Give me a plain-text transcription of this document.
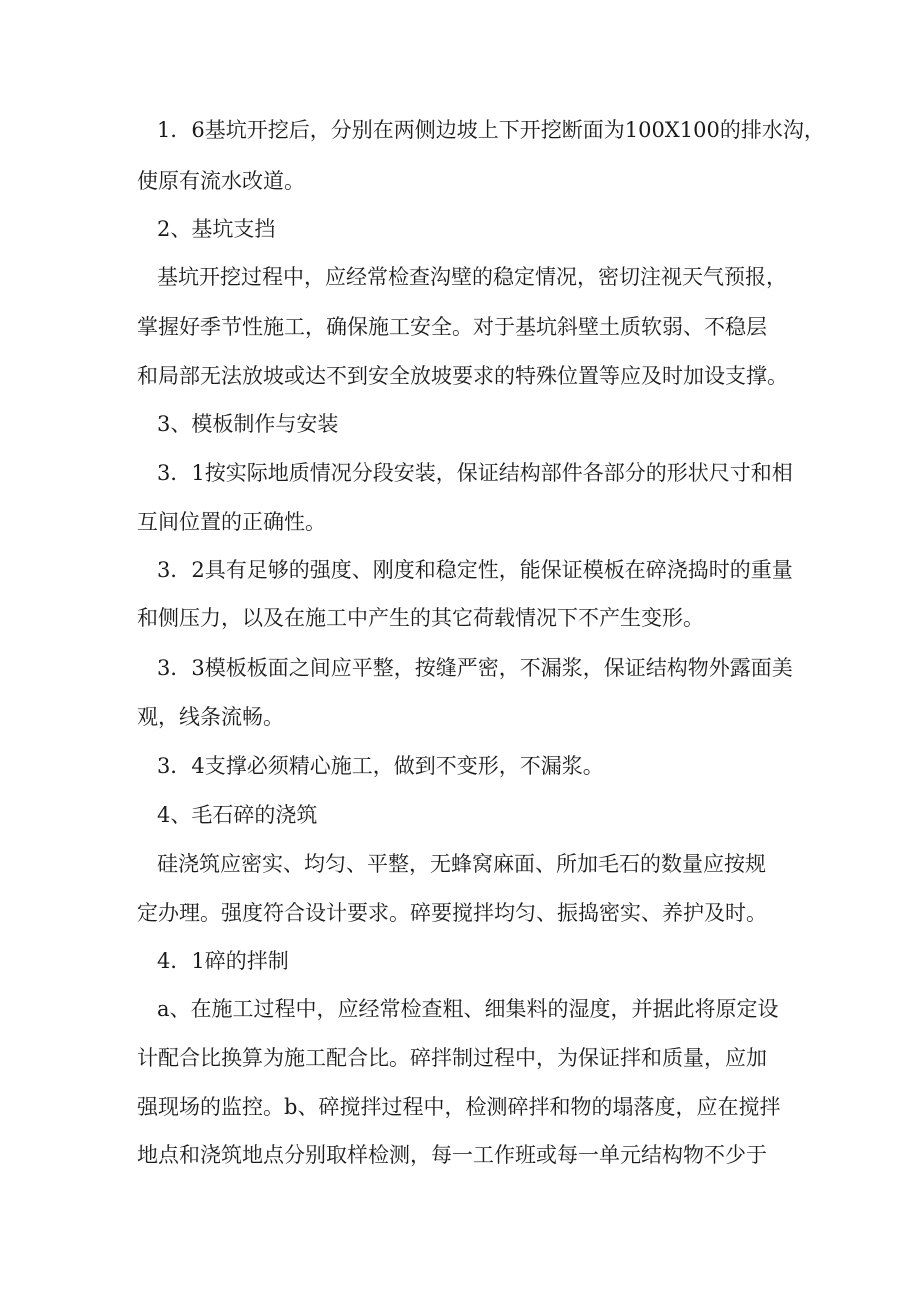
1．6基坑开挖后，分别在两侧边坡上下开挖断面为100X100的排水沟，
使原有流水改道。
2、基坑支挡
基坑开挖过程中，应经常检查沟壁的稳定情况，密切注视天气预报，
掌握好季节性施工，确保施工安全。对于基坑斜壁土质软弱、不稳层
和局部无法放坡或达不到安全放坡要求的特殊位置等应及时加设支撑。
3、模板制作与安装
3．1按实际地质情况分段安装，保证结构部件各部分的形状尺寸和相
互间位置的正确性。
3．2具有足够的强度、刚度和稳定性，能保证模板在碎浇捣时的重量
和侧压力，以及在施工中产生的其它荷载情况下不产生变形。
3．3模板板面之间应平整，按缝严密，不漏浆，保证结构物外露面美
观，线条流畅。
3．4支撑必须精心施工，做到不变形，不漏浆。
4、毛石碎的浇筑
硅浇筑应密实、均匀、平整，无蜂窝麻面、所加毛石的数量应按规
定办理。强度符合设计要求。碎要搅拌均匀、振捣密实、养护及时。
4．1碎的拌制
a、在施工过程中，应经常检查粗、细集料的湿度，并据此将原定设
计配合比换算为施工配合比。碎拌制过程中，为保证拌和质量，应加
强现场的监控。b、碎搅拌过程中，检测碎拌和物的塌落度，应在搅拌
地点和浇筑地点分别取样检测，每一工作班或每一单元结构物不少于
